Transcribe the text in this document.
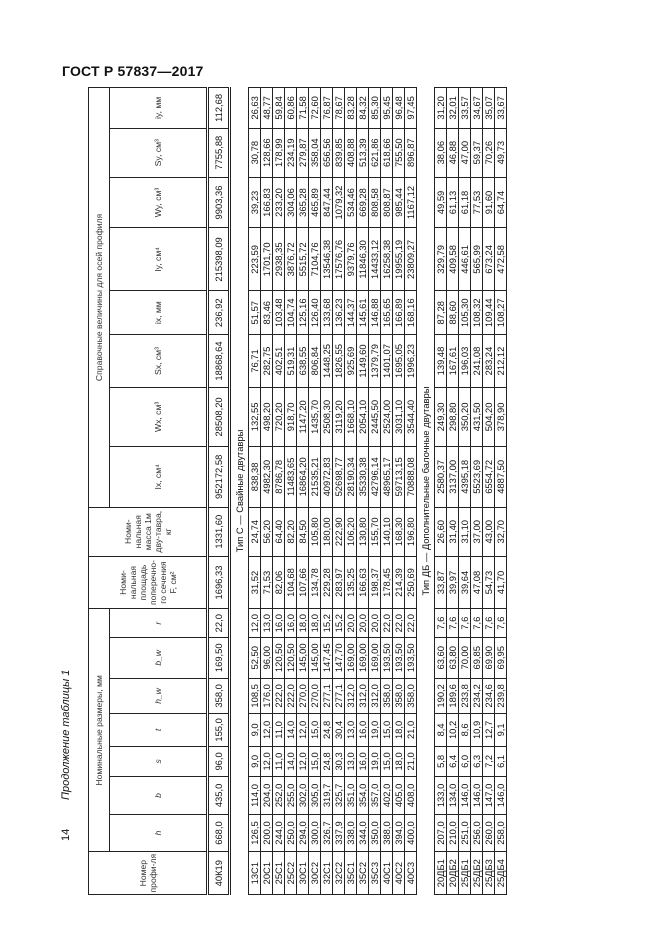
ГОСТ Р 57837—2017
Продолжение таблицы 1
14
Номер профи-ля	Номинальные размеры, мм							Номи-нальная площадь поперечно-го сечения F, см²	Номи-нальная масса 1м дву-тавра, кг	Справочные величины для осей профиля							
	h	b	s	t	h_w	b_w	r			Ix, см⁴	Wx, см³	Sx, см³	ix, мм	Iy, см⁴	Wy, см³	Sy, см³	iy, мм
40К19	668,0	435,0	96,0	155,0	358,0	169,50	22,0	1696,33	1331,60	952172,58	28508,20	18868,64	236,92	215398,09	9903,36	7755,88	112,68
Тип С — Свайные двутавры																	
13С1	126,5	114,0	9,0	9,0	108,5	52,50	12,0	31,52	24,74	838,38	132,55	76,71	51,57	223,59	39,23	30,78	26,63
20С1	200,0	204,0	12,0	12,0	176,0	96,00	13,0	71,53	56,20	4982,30	498,20	282,75	83,46	1701,70	166,83	128,66	48,77
25С1	244,0	252,0	11,0	11,0	222,0	120,50	16,0	82,06	64,40	8786,78	720,20	402,51	103,48	2938,35	233,20	178,99	59,84
25С2	250,0	255,0	14,0	14,0	222,0	120,50	16,0	104,68	82,20	11483,65	918,70	519,31	104,74	3876,72	304,06	234,19	60,86
30С1	294,0	302,0	12,0	12,0	270,0	145,00	18,0	107,66	84,50	16864,20	1147,20	638,55	125,16	5515,72	365,28	279,87	71,58
30С2	300,0	305,0	15,0	15,0	270,0	145,00	18,0	134,78	105,80	21535,21	1435,70	806,84	126,40	7104,76	465,89	358,04	72,60
32С1	326,7	319,7	24,8	24,8	277,1	147,45	15,2	229,28	180,00	40972,83	2508,30	1448,25	133,68	13546,38	847,44	656,56	76,87
32С2	337,9	325,7	30,3	30,4	277,1	147,70	15,2	283,97	222,90	52698,77	3119,20	1826,55	136,23	17576,76	1079,32	839,85	78,67
35С1	338,0	351,0	13,0	13,0	312,0	169,00	20,0	135,25	106,20	28190,34	1668,10	925,69	144,37	9379,76	534,46	408,88	83,28
35С2	344,0	354,0	16,0	16,0	312,0	169,00	20,0	166,63	130,80	35330,38	2054,10	1149,60	145,61	11846,30	669,28	513,39	84,32
35С3	350,0	357,0	19,0	19,0	312,0	169,00	20,0	198,37	155,70	42796,14	2445,50	1379,79	146,88	14433,12	808,58	621,86	85,30
40С1	388,0	402,0	15,0	15,0	358,0	193,50	22,0	178,45	140,10	48965,17	2524,00	1401,07	165,65	16258,38	808,87	618,66	95,45
40С2	394,0	405,0	18,0	18,0	358,0	193,50	22,0	214,39	168,30	59713,15	3031,10	1695,05	166,89	19955,19	985,44	755,50	96,48
40С3	400,0	408,0	21,0	21,0	358,0	193,50	22,0	250,69	196,80	70888,08	3544,40	1996,23	168,16	23809,27	1167,12	896,87	97,45
Тип ДБ — Дополнительные балочные двутавры																	
20ДБ1	207,0	133,0	5,8	8,4	190,2	63,60	7,6	33,87	26,60	2580,37	249,30	139,48	87,28	329,79	49,59	38,06	31,20
20ДБ2	210,0	134,0	6,4	10,2	189,6	63,80	7,6	39,97	31,40	3137,00	298,80	167,61	88,60	409,58	61,13	46,88	32,01
25ДБ1	251,0	146,0	6,0	8,6	233,8	70,00	7,6	39,64	31,10	4395,18	350,20	196,03	105,30	446,61	61,18	47,00	33,57
25ДБ2	256,0	146,0	6,3	10,9	234,2	69,85	7,6	47,08	37,00	5523,69	431,50	241,08	108,32	565,99	77,53	59,37	34,67
25ДБ3	260,0	147,0	7,2	12,7	234,6	69,90	7,6	54,73	43,00	6554,72	504,20	283,24	109,44	673,24	91,60	70,26	35,07
25ДБ4	258,0	146,0	6,1	9,1	239,8	69,95	7,6	41,70	32,70	4887,50	378,90	212,12	108,27	472,58	64,74	49,73	33,67
